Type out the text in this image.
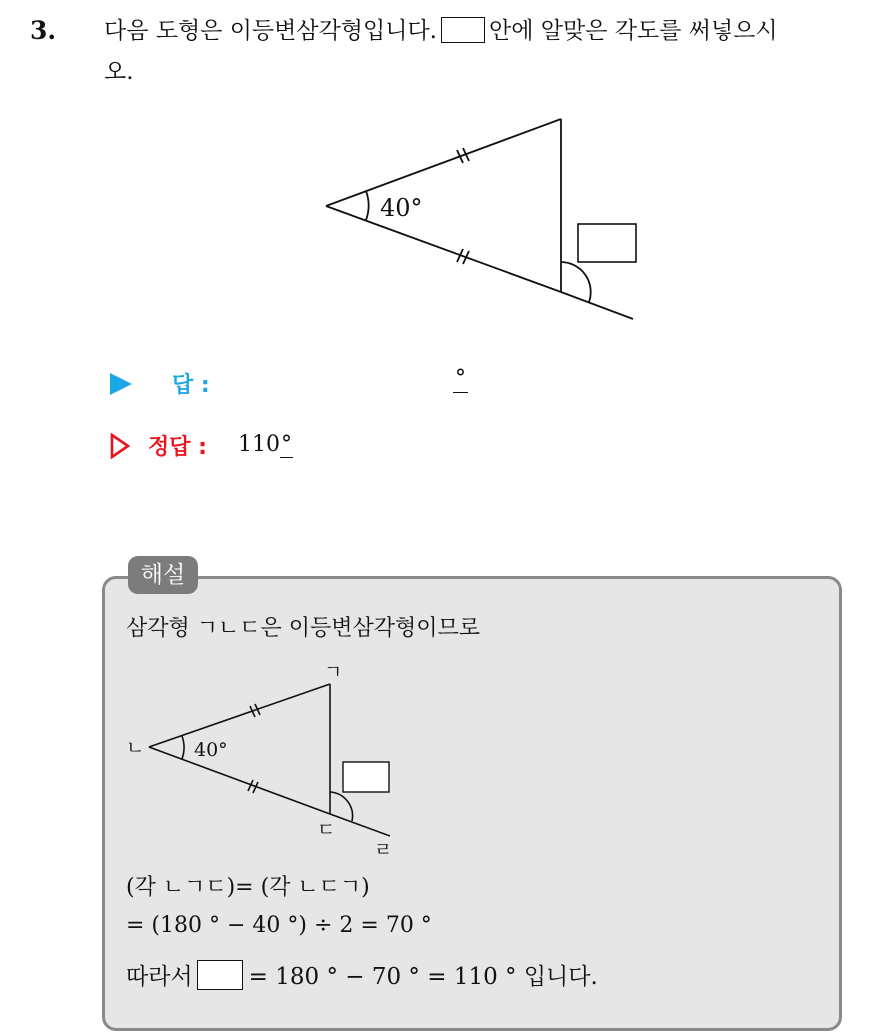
3. 다음 도형은 이등변삼각형입니다. 안에 알맞은 각도를 써넣으시
오.
40°
답 :	°
정답 : 110°
해설
삼각형 ㄱㄴㄷ은 이등변삼각형이므로
40°
ㄱ
ㄴ
ㄷ
ㄹ
(각 ㄴㄱㄷ)= (각 ㄴㄷㄱ)
= (180 ° − 40 °) ÷ 2 = 70 °
따라서 = 180 ° − 70 ° = 110 ° 입니다.
